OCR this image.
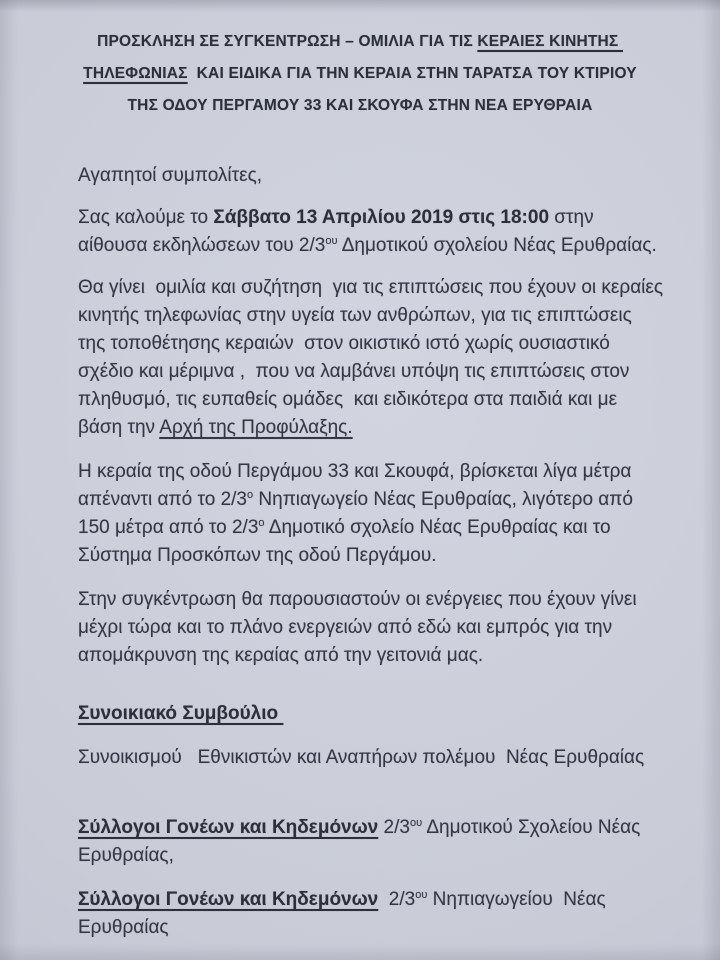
ΠΡΟΣΚΛΗΣΗ ΣΕ ΣΥΓΚΕΝΤΡΩΣΗ – ΟΜΙΛΙΑ ΓΙΑ ΤΙΣ ΚΕΡΑΙΕΣ ΚΙΝΗΤΗΣ
ΤΗΛΕΦΩΝΙΑΣ  ΚΑΙ ΕΙΔΙΚΑ ΓΙΑ ΤΗΝ ΚΕΡΑΙΑ ΣΤΗΝ ΤΑΡΑΤΣΑ ΤΟΥ ΚΤΙΡΙΟΥ
ΤΗΣ ΟΔΟΥ ΠΕΡΓΑΜΟΥ 33 ΚΑΙ ΣΚΟΥΦΑ ΣΤΗΝ ΝΕΑ ΕΡΥΘΡΑΙΑ

Αγαπητοί συμπολίτες,

Σας καλούμε το Σάββατο 13 Απριλίου 2019 στις 18:00 στην αίθουσα εκδηλώσεων του $2/3^{o\upsilon}$ Δημοτικού σχολείου Νέας Ερυθραίας.

Θα γίνει  ομιλία και συζήτηση  για τις επιπτώσεις που έχουν οι κεραίες κινητής τηλεφωνίας στην υγεία των ανθρώπων, για τις επιπτώσεις της τοποθέτησης κεραιών  στον οικιστικό ιστό χωρίς ουσιαστικό σχέδιο και μέριμνα ,  που να λαμβάνει υπόψη τις επιπτώσεις στον πληθυσμό, τις ευπαθείς ομάδες  και ειδικότερα στα παιδιά και με βάση την Αρχή της Προφύλαξης.

Η κεραία της οδού Περγάμου 33 και Σκουφά, βρίσκεται λίγα μέτρα απέναντι από το $2/3^o$ Νηπιαγωγείο Νέας Ερυθραίας, λιγότερο από 150 μέτρα από το $2/3^o$ Δημοτικό σχολείο Νέας Ερυθραίας και το Σύστημα Προσκόπων της οδού Περγάμου.

Στην συγκέντρωση θα παρουσιαστούν οι ενέργειες που έχουν γίνει μέχρι τώρα και το πλάνο ενεργειών από εδώ και εμπρός για την απομάκρυνση της κεραίας από την γειτονιά μας.

Συνοικιακό Συμβούλιο

Συνοικισμού   Εθνικιστών και Αναπήρων πολέμου  Νέας Ερυθραίας

Σύλλογοι Γονέων και Κηδεμόνων $2/3^{o\upsilon}$ Δημοτικού Σχολείου Νέας Ερυθραίας,

Σύλλογοι Γονέων και Κηδεμόνων  $2/3^{o\upsilon}$ Νηπιαγωγείου  Νέας Ερυθραίας
